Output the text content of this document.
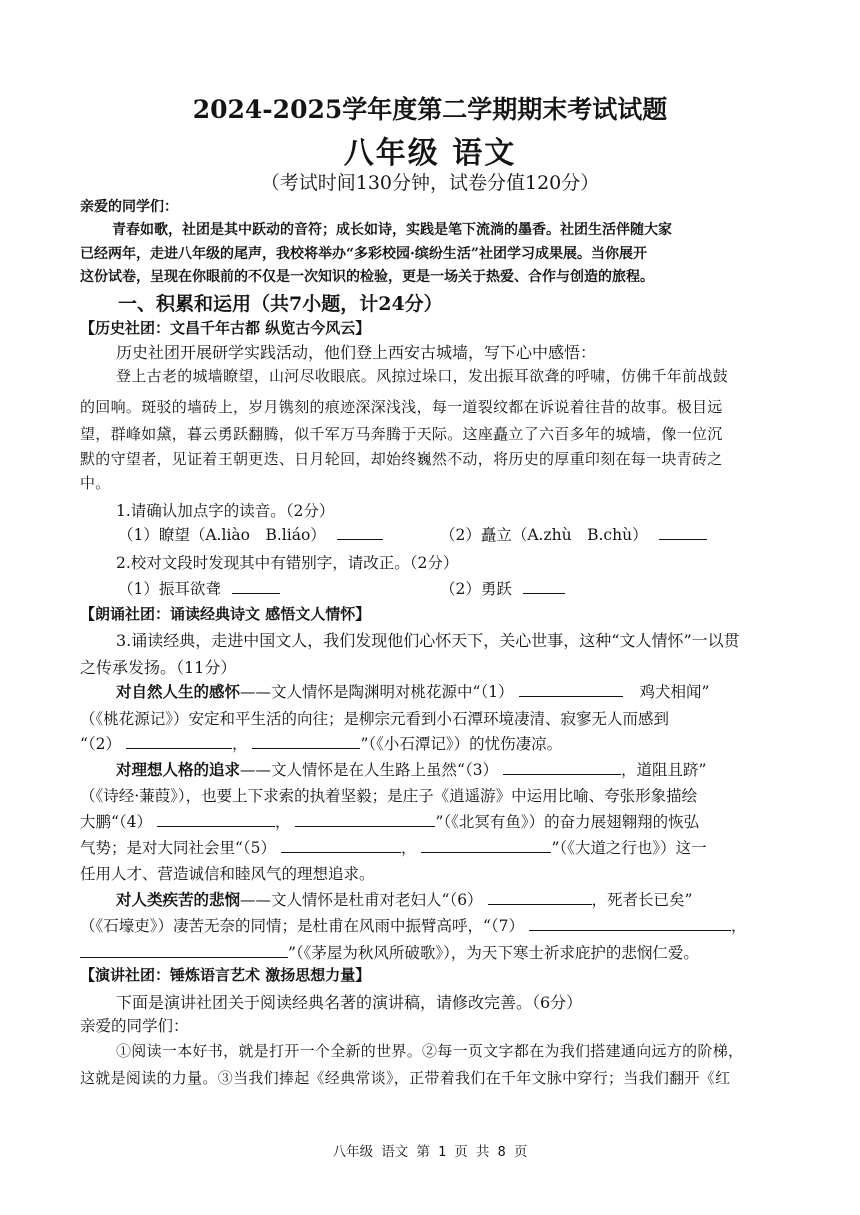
2024-2025学年度第二学期期末考试试题
八年级 语文
（考试时间130分钟，试卷分值120分）
亲爱的同学们：
青春如歌，社团是其中跃动的音符；成长如诗，实践是笔下流淌的墨香。社团生活伴随大家
已经两年，走进八年级的尾声，我校将举办“多彩校园·缤纷生活”社团学习成果展。当你展开
这份试卷，呈现在你眼前的不仅是一次知识的检验，更是一场关于热爱、合作与创造的旅程。
一、积累和运用（共7小题，计24分）
【历史社团：文昌千年古都 纵览古今风云】
历史社团开展研学实践活动，他们登上西安古城墙，写下心中感悟：
登上古老的城墙瞭望，山河尽收眼底。风掠过垛口，发出振耳欲聋的呼啸，仿佛千年前战鼓
的回响。斑驳的墙砖上，岁月镌刻的痕迹深深浅浅，每一道裂纹都在诉说着往昔的故事。极目远
望，群峰如黛，暮云勇跃翻腾，似千军万马奔腾于天际。这座矗立了六百多年的城墙，像一位沉
默的守望者，见证着王朝更迭、日月轮回，却始终巍然不动，将历史的厚重印刻在每一块青砖之
中。
1.请确认加点字的读音。（2分）
（1）瞭望（A.liào　B.liáo）	（2）矗立（A.zhù　B.chù）
2.校对文段时发现其中有错别字，请改正。（2分）
（1）振耳欲聋	（2）勇跃
【朗诵社团：诵读经典诗文 感悟文人情怀】
3.诵读经典，走进中国文人，我们发现他们心怀天下，关心世事，这种“文人情怀”一以贯
之传承发扬。（11分）
对自然人生的感怀——文人情怀是陶渊明对桃花源中“（1）	鸡犬相闻”
（《桃花源记》）安定和平生活的向往；是柳宗元看到小石潭环境凄清、寂寥无人而感到
“（2）	，	”（《小石潭记》）的忧伤凄凉。
对理想人格的追求——文人情怀是在人生路上虽然“（3）	，道阻且跻”
（《诗经·蒹葭》），也要上下求索的执着坚毅；是庄子《逍遥游》中运用比喻、夸张形象描绘
大鹏“（4）	，	”（《北冥有鱼》）的奋力展翅翱翔的恢弘
气势；是对大同社会里“（5）	，	”（《大道之行也》）这一
任用人才、营造诚信和睦风气的理想追求。
对人类疾苦的悲悯——文人情怀是杜甫对老妇人“（6）	，死者长已矣”
（《石壕吏》）凄苦无奈的同情；是杜甫在风雨中振臂高呼，“（7）	，
”（《茅屋为秋风所破歌》），为天下寒士祈求庇护的悲悯仁爱。
【演讲社团：锤炼语言艺术 激扬思想力量】
下面是演讲社团关于阅读经典名著的演讲稿，请修改完善。（6分）
亲爱的同学们：
①阅读一本好书，就是打开一个全新的世界。②每一页文字都在为我们搭建通向远方的阶梯，
这就是阅读的力量。③当我们捧起《经典常谈》，正带着我们在千年文脉中穿行；当我们翻开《红
八年级 语文 第 1 页 共 8 页
